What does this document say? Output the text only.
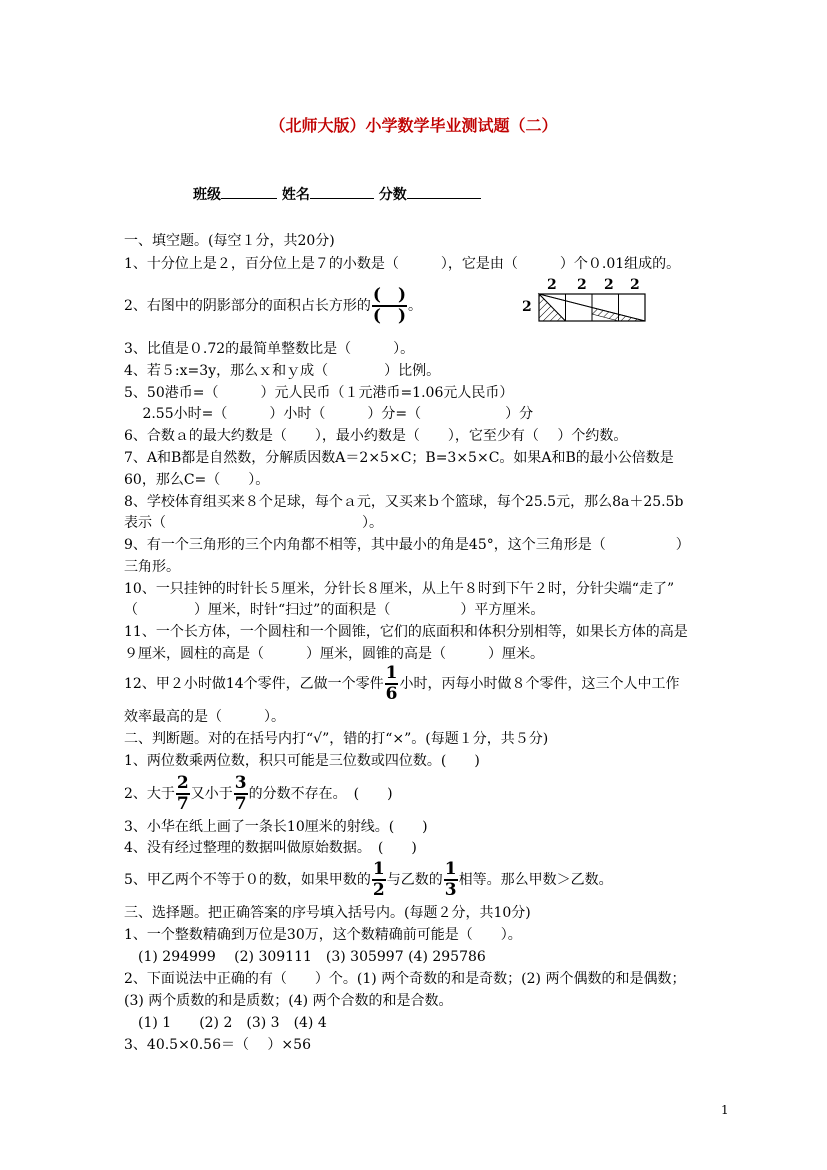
（北师大版）小学数学毕业测试题（二）
班级	姓名	分数
一、填空题。(每空１分，共20分)
1、十分位上是２，百分位上是７的小数是（　　　），它是由（　　　）个０.01组成的。
2、右图中的阴影部分的面积占长方形的 $\frac{( )}{( )}$ 。
2 2 2 2
2
3、比值是０.72的最简单整数比是（　　　）。
4、若５:x=3y，那么ｘ和ｙ成（　　　　）比例。
5、50港币=（　　　）元人民币（１元港币=1.06元人民币）
　 2.55小时=（　　　）小时（　　　）分=（　　　　　　）分
6、合数ａ的最大约数是（　　），最小约数是（　　），它至少有（　 ）个约数。
7、A和B都是自然数，分解质因数A＝2×5×C；B=3×5×C。如果A和B的最小公倍数是
60，那么C=（　　）。
8、学校体育组买来８个足球，每个ａ元，又买来ｂ个篮球，每个25.5元，那么8a＋25.5b
表示（　　　　　　　　　　　　　　）。
9、有一个三角形的三个内角都不相等，其中最小的角是45°，这个三角形是（　　　　　）
三角形。
10、一只挂钟的时针长５厘米，分针长８厘米，从上午８时到下午２时，分针尖端“走了”
（　　　　）厘米，时针“扫过”的面积是（　　　　　）平方厘米。
11、一个长方体，一个圆柱和一个圆锥，它们的底面积和体积分别相等，如果长方体的高是
９厘米，圆柱的高是（　　　）厘米，圆锥的高是（　　　）厘米。
12、甲２小时做14个零件，乙做一个零件 $\frac{1}{6}$ 小时，丙每小时做８个零件，这三个人中工作
效率最高的是（　　　）。
二、判断题。对的在括号内打“√”，错的打“×”。(每题１分，共５分)
1、两位数乘两位数，积只可能是三位数或四位数。(　　)
2、大于 $\frac{2}{7}$ 又小于 $\frac{3}{7}$ 的分数不存在。　(　　)
3、小华在纸上画了一条长10厘米的射线。(　　)
4、没有经过整理的数据叫做原始数据。　(　　)
5、甲乙两个不等于０的数，如果甲数的 $\frac{1}{2}$ 与乙数的 $\frac{1}{3}$ 相等。那么甲数＞乙数。
三、选择题。把正确答案的序号填入括号内。(每题２分，共10分)
1、一个整数精确到万位是30万，这个数精确前可能是（　　）。
　(1) 294999　 (2) 309111　(3) 305997 (4) 295786
2、下面说法中正确的有（　　）个。(1) 两个奇数的和是奇数；(2) 两个偶数的和是偶数；
(3) 两个质数的和是质数；(4) 两个合数的和是合数。
　(1) 1　　(2) 2　(3) 3　(4) 4
3、40.5×0.56＝（　 ）×56
1
